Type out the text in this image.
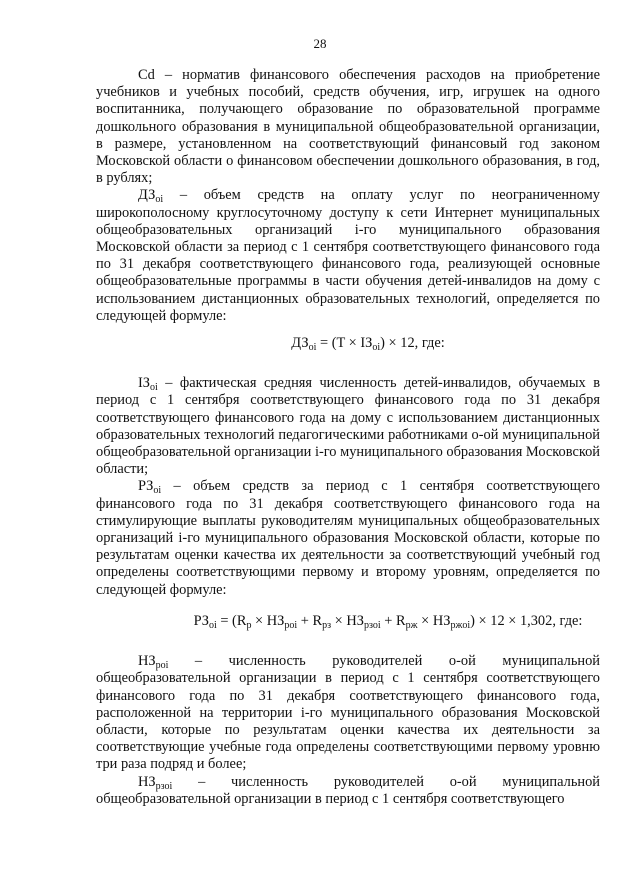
28

Cd – норматив финансового обеспечения расходов на приобретение учебников и учебных пособий, средств обучения, игр, игрушек на одного воспитанника, получающего образование по образовательной программе дошкольного образования в муниципальной общеобразовательной организации, в размере, установленном на соответствующий финансовый год законом Московской области о финансовом обеспечении дошкольного образования, в год, в рублях;

$ДЗ_{oi}$ – объем средств на оплату услуг по неограниченному широкополосному круглосуточному доступу к сети Интернет муниципальных общеобразовательных организаций i-го муниципального образования Московской области за период с 1 сентября соответствующего финансового года по 31 декабря соответствующего финансового года, реализующей основные общеобразовательные программы в части обучения детей-инвалидов на дому с использованием дистанционных образовательных технологий, определяется по следующей формуле:

$ДЗ_{oi} = (T \times IЗ_{oi}) \times 12$, где:

$IЗ_{oi}$ – фактическая средняя численность детей-инвалидов, обучаемых в период с 1 сентября соответствующего финансового года по 31 декабря соответствующего финансового года на дому с использованием дистанционных образовательных технологий педагогическими работниками o-ой муниципальной общеобразовательной организации i-го муниципального образования Московской области;

$РЗ_{oi}$ – объем средств за период с 1 сентября соответствующего финансового года по 31 декабря соответствующего финансового года на стимулирующие выплаты руководителям муниципальных общеобразовательных организаций i-го муниципального образования Московской области, которые по результатам оценки качества их деятельности за соответствующий учебный год определены соответствующими первому и второму уровням, определяется по следующей формуле:

$РЗ_{oi} = (R_p \times НЗ_{poi} + R_{pз} \times НЗ_{pзoi} + R_{pж} \times НЗ_{pжoi}) \times 12 \times 1,302$, где:

$НЗ_{poi}$ – численность руководителей o-ой муниципальной общеобразовательной организации в период с 1 сентября соответствующего финансового года по 31 декабря соответствующего финансового года, расположенной на территории i-го муниципального образования Московской области, которые по результатам оценки качества их деятельности за соответствующие учебные года определены соответствующими первому уровню три раза подряд и более;

$НЗ_{pзoi}$ – численность руководителей o-ой муниципальной общеобразовательной организации в период с 1 сентября соответствующего
